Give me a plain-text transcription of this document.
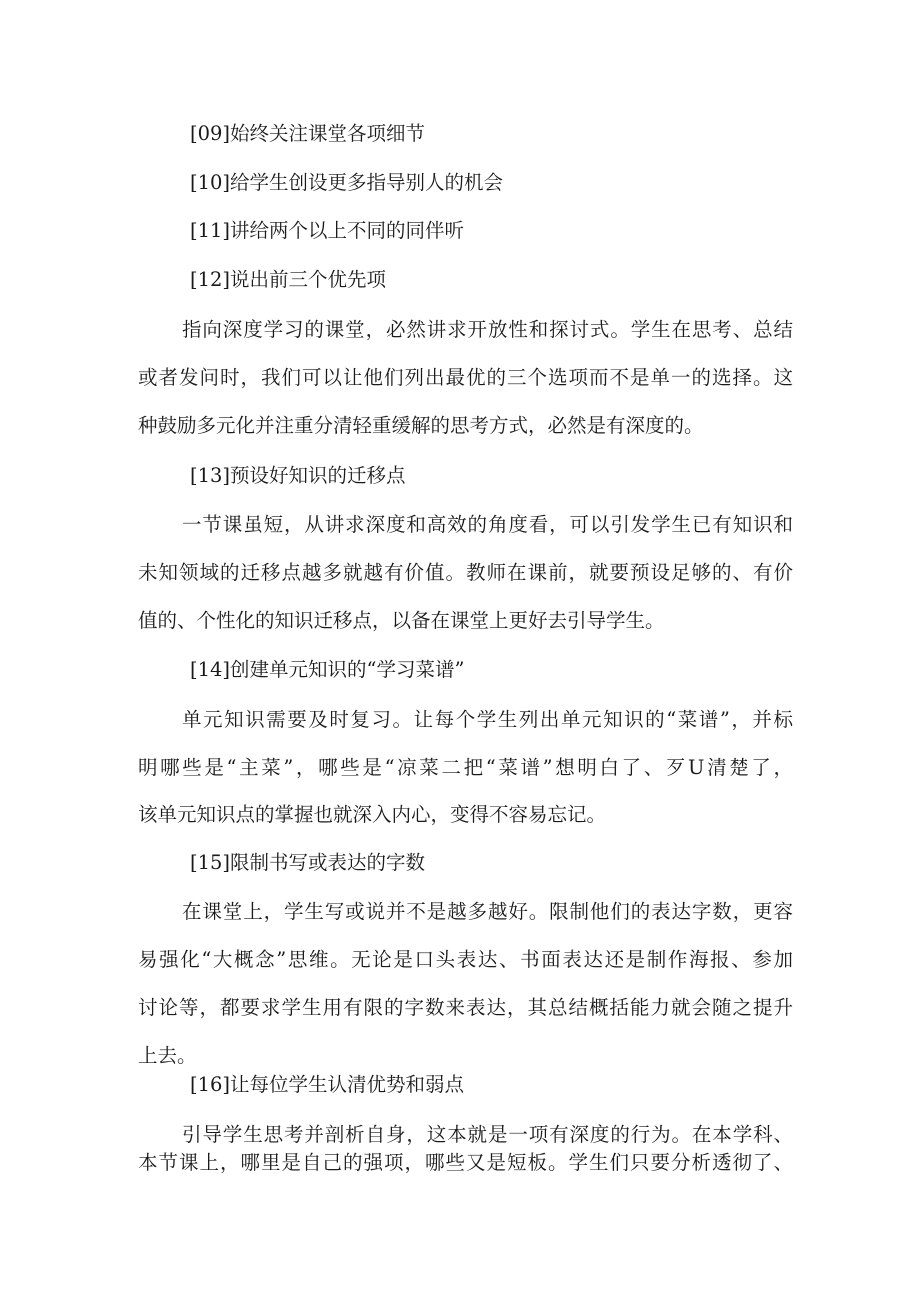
[09]始终关注课堂各项细节

[10]给学生创设更多指导别人的机会

[11]讲给两个以上不同的同伴听

[12]说出前三个优先项

指向深度学习的课堂，必然讲求开放性和探讨式。学生在思考、总结

或者发问时，我们可以让他们列出最优的三个选项而不是单一的选择。这

种鼓励多元化并注重分清轻重缓解的思考方式，必然是有深度的。

[13]预设好知识的迁移点

一节课虽短，从讲求深度和高效的角度看，可以引发学生已有知识和

未知领域的迁移点越多就越有价值。教师在课前，就要预设足够的、有价

值的、个性化的知识迁移点，以备在课堂上更好去引导学生。

[14]创建单元知识的“学习菜谱”

单元知识需要及时复习。让每个学生列出单元知识的“菜谱”，并标

明哪些是“主菜”，哪些是“凉菜二把“菜谱”想明白了、歹U清楚了，

该单元知识点的掌握也就深入内心，变得不容易忘记。

[15]限制书写或表达的字数

在课堂上，学生写或说并不是越多越好。限制他们的表达字数，更容

易强化“大概念”思维。无论是口头表达、书面表达还是制作海报、参加

讨论等，都要求学生用有限的字数来表达，其总结概括能力就会随之提升

上去。

[16]让每位学生认清优势和弱点

引导学生思考并剖析自身，这本就是一项有深度的行为。在本学科、

本节课上，哪里是自己的强项，哪些又是短板。学生们只要分析透彻了、
